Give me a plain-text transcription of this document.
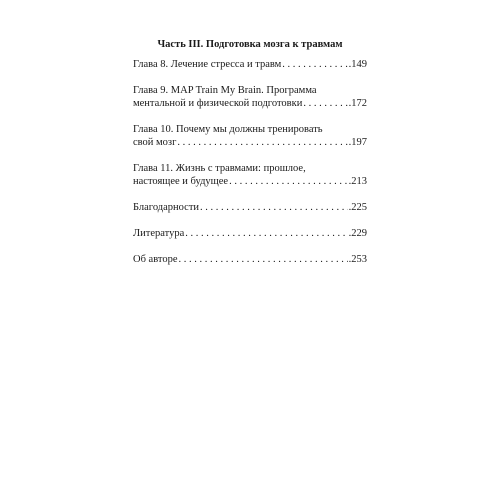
Часть III. Подготовка мозга к травмам
Глава 8. Лечение стресса и травм . . .	.149
Глава 9. MAP Train My Brain. Программа
ментальной и физической подготовки . . .	.172
Глава 10. Почему мы должны тренировать
свой мозг . . .	.197
Глава 11. Жизнь с травмами: прошлое,
настоящее и будущее . . .	.213
Благодарности . . .	.225
Литература . . .	.229
Об авторе . . .	.253
